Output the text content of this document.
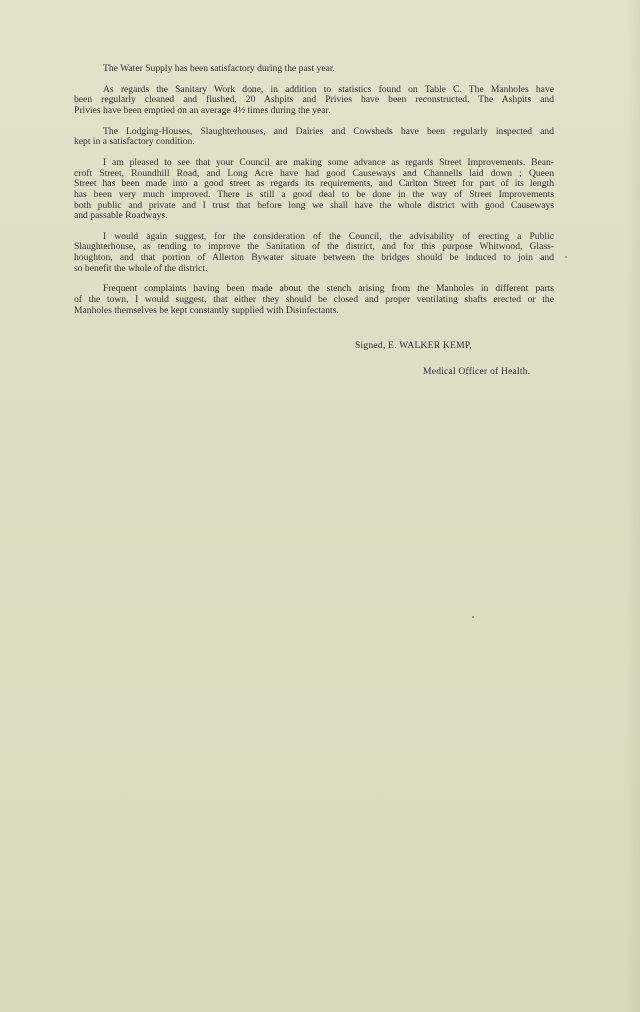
The Water Supply has been satisfactory during the past year.

As regards the Sanitary Work done, in addition to statistics found on Table C. The Manholes have
been regularly cleaned and flushed, 20 Ashpits and Privies have been reconstructed. The Ashpits and
Privies have been emptied on an average 4½ times during the year.

The Lodging-Houses, Slaughterhouses, and Dairies and Cowsheds have been regularly inspected and
kept in a satisfactory condition.

I am pleased to see that your Council are making some advance as regards Street Improvements. Bean-
croft Street, Roundhill Road, and Long Acre have had good Causeways and Channells laid down ; Queen
Street has been made into a good street as regards its requirements, and Carlton Street for part of its length
has been very much improved. There is still a good deal to be done in the way of Street Improvements
both public and private and I trust that before long we shall have the whole district with good Causeways
and passable Roadways.

I would again suggest, for the consideration of the Council, the advisability of erecting a Public
Slaughterhouse, as tending to improve the Sanitation of the district, and for this purpose Whitwood, Glass-
houghton, and that portion of Allerton Bywater situate between the bridges should be induced to join and
so benefit the whole of the district.

Frequent complaints having been made about the stench arising from the Manholes in different parts
of the town, I would suggest, that either they should be closed and proper ventilating shafts erected or the
Manholes themselves be kept constantly supplied with Disinfectants.

Signed, E. WALKER KEMP,
Medical Officer of Health.
